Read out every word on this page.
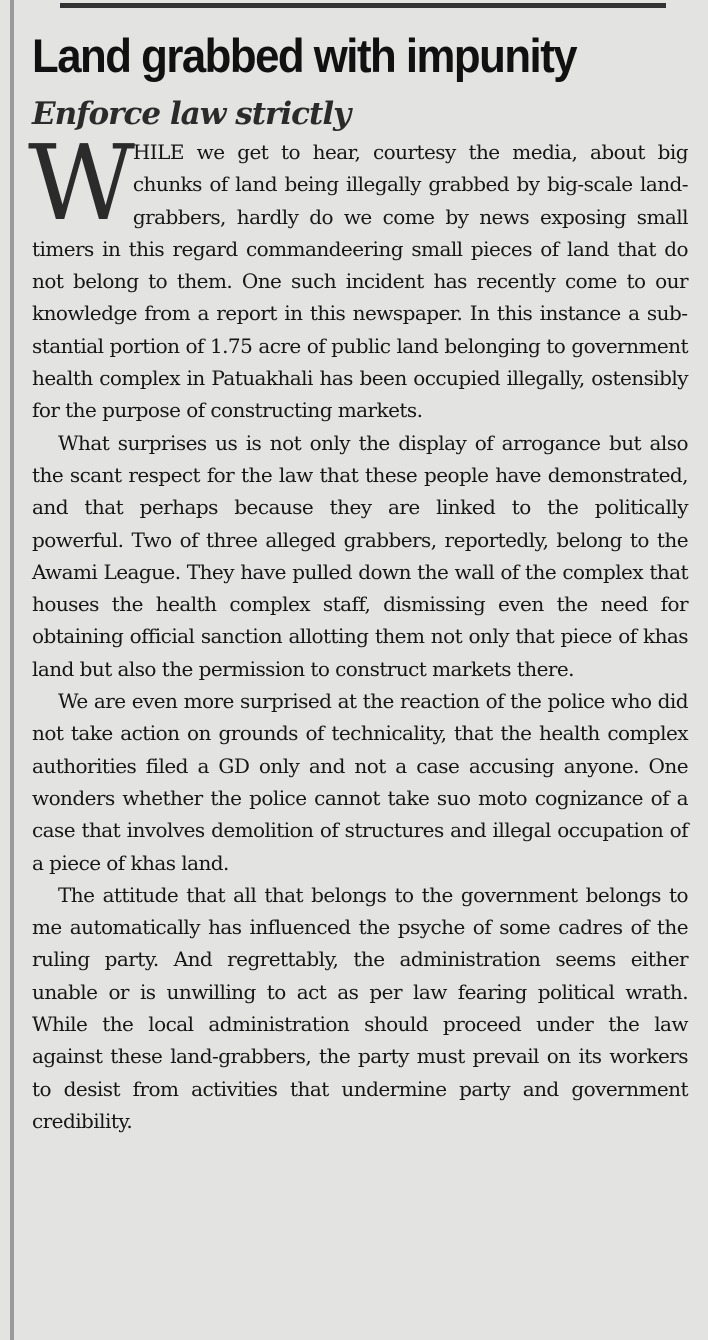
Land grabbed with impunity
Enforce law strictly

W HILE we get to hear, courtesy the media, about big chunks of land being illegally grabbed by big-scale land-grabbers, hardly do we come by news exposing small timers in this regard commandeering small pieces of land that do not belong to them. One such incident has recently come to our knowledge from a report in this newspaper. In this instance a substantial portion of 1.75 acre of public land belonging to government health complex in Patuakhali has been occupied illegally, ostensibly for the purpose of constructing markets.

What surprises us is not only the display of arrogance but also the scant respect for the law that these people have demonstrated, and that perhaps because they are linked to the politically powerful. Two of three alleged grabbers, reportedly, belong to the Awami League. They have pulled down the wall of the complex that houses the health complex staff, dismissing even the need for obtaining official sanction allotting them not only that piece of khas land but also the permission to construct markets there.

We are even more surprised at the reaction of the police who did not take action on grounds of technicality, that the health complex authorities filed a GD only and not a case accusing anyone. One wonders whether the police cannot take suo moto cognizance of a case that involves demolition of structures and illegal occupation of a piece of khas land.

The attitude that all that belongs to the government belongs to me automatically has influenced the psyche of some cadres of the ruling party. And regrettably, the administration seems either unable or is unwilling to act as per law fearing political wrath. While the local administration should proceed under the law against these land-grabbers, the party must prevail on its workers to desist from activities that undermine party and government credibility.
